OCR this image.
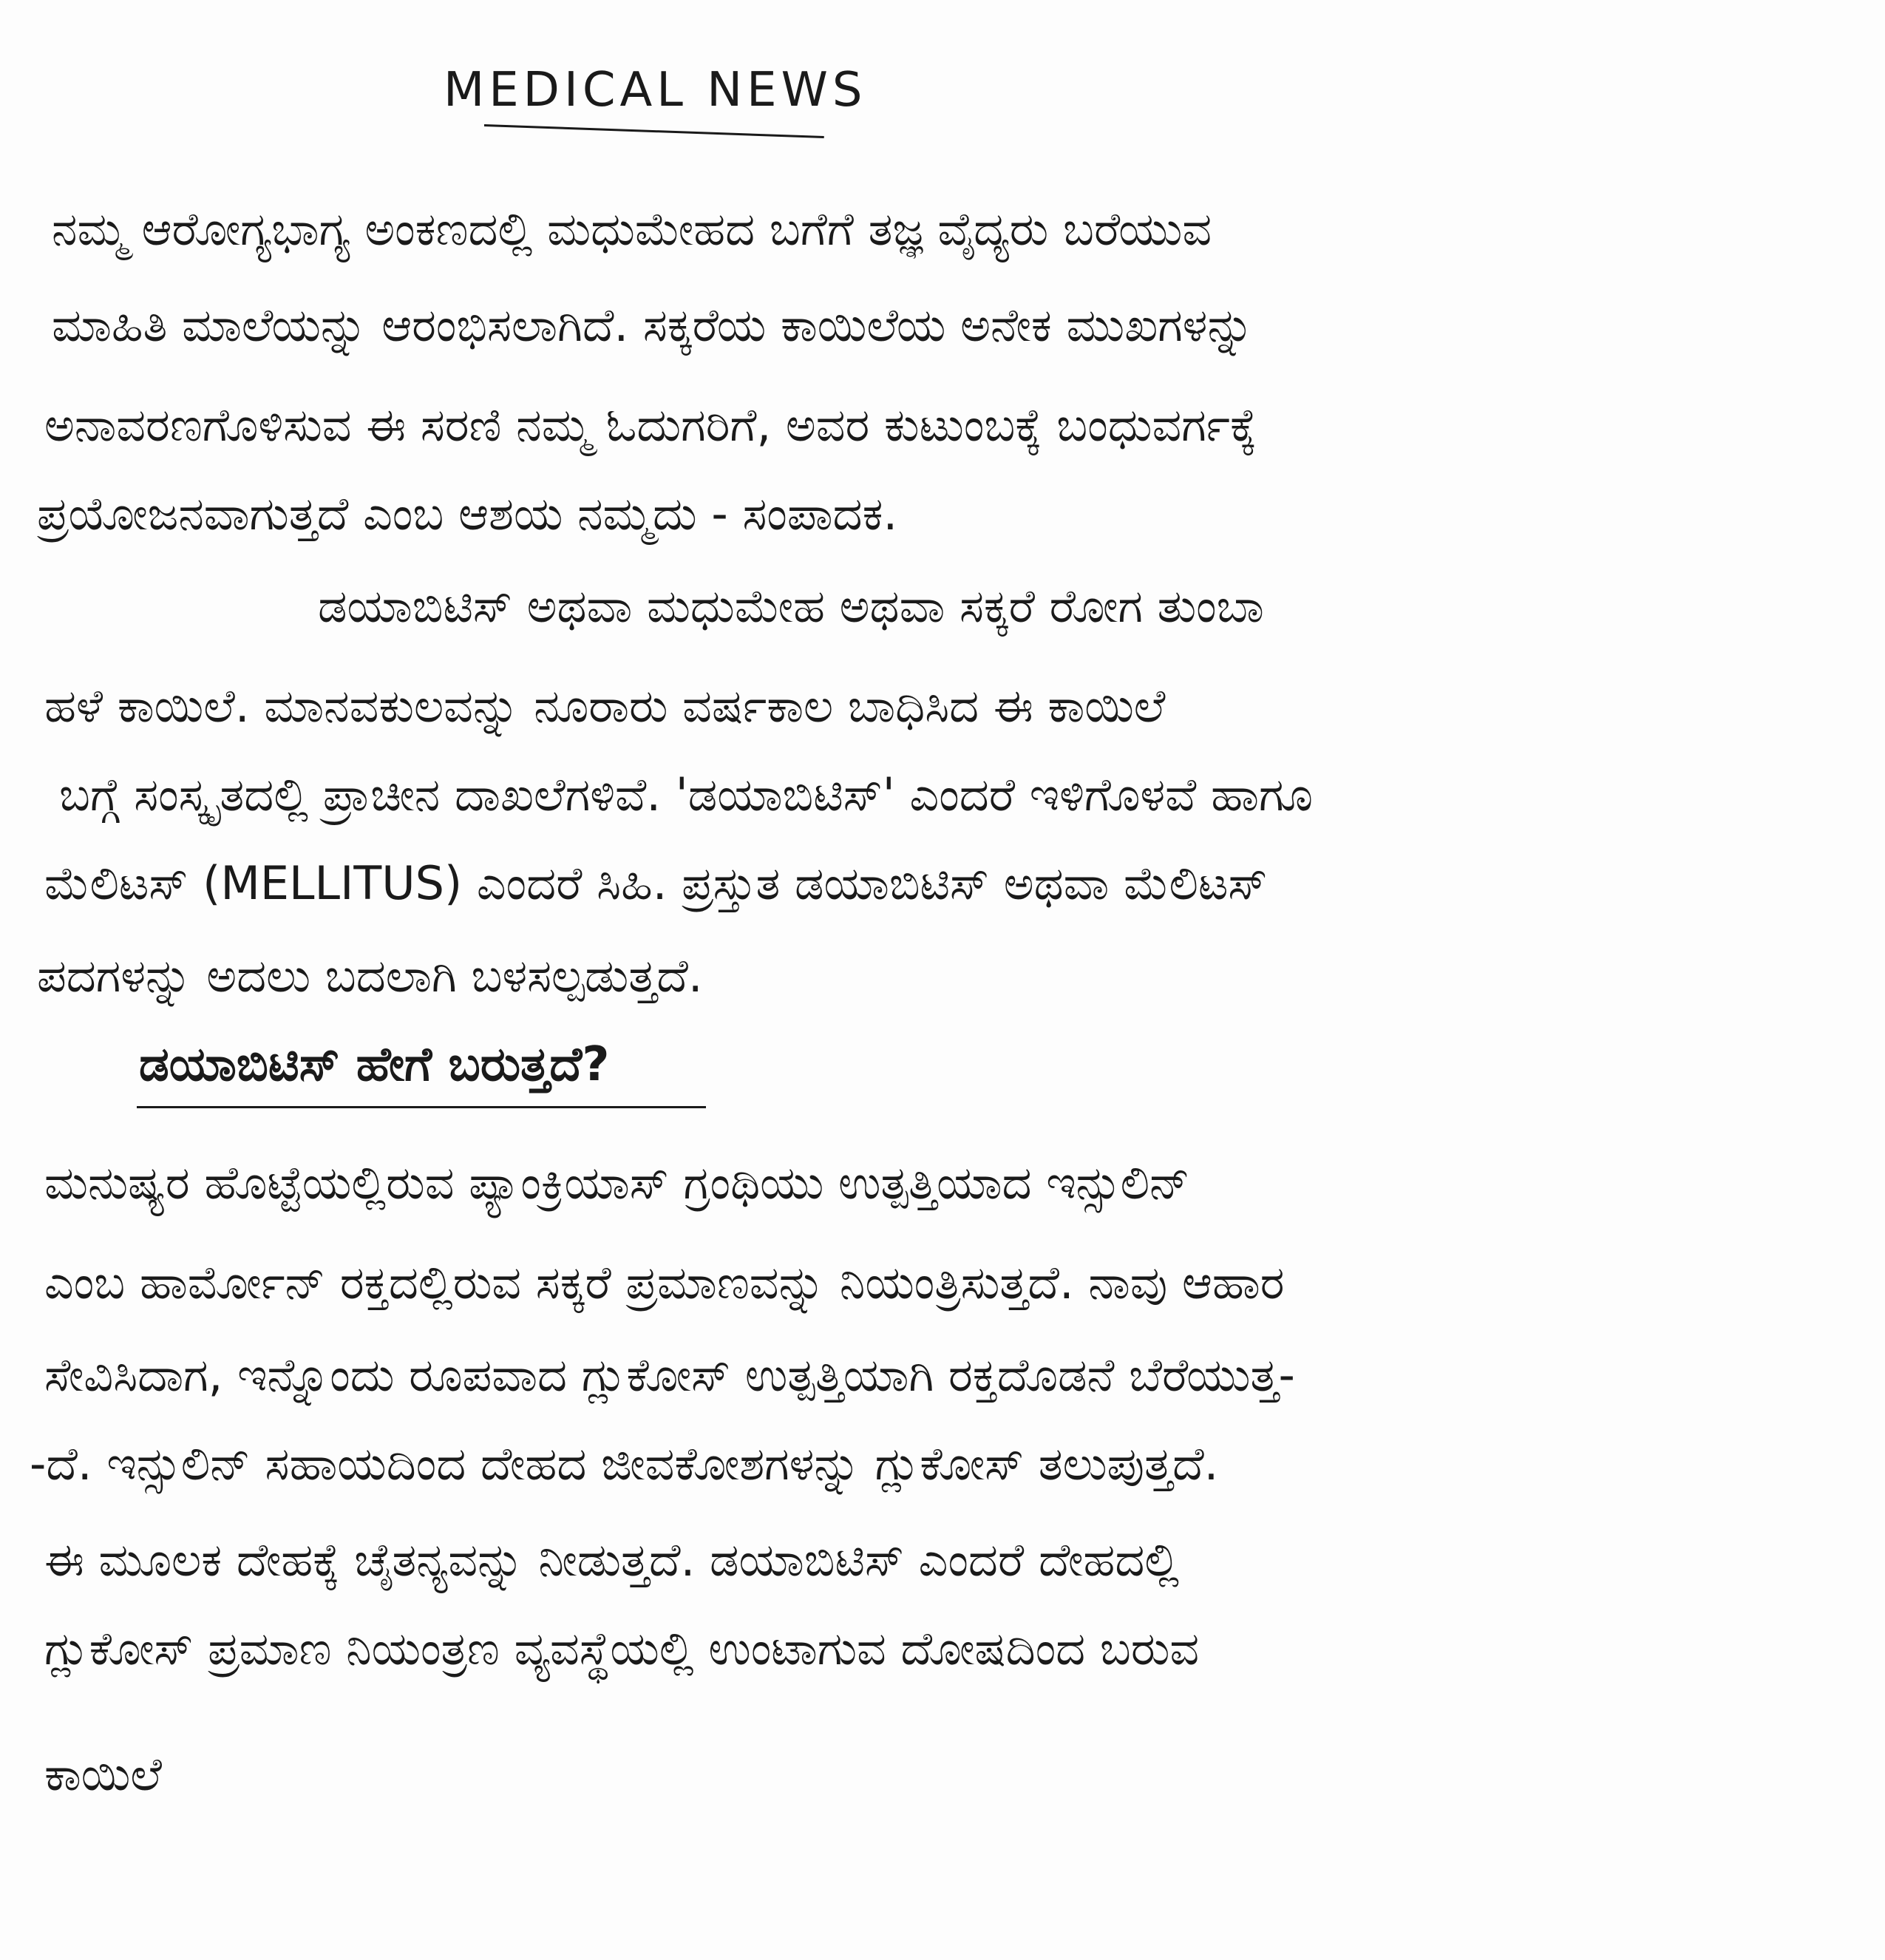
MEDICAL NEWS

ನಮ್ಮ ಆರೋಗ್ಯಭಾಗ್ಯ ಅಂಕಣದಲ್ಲಿ ಮಧುಮೇಹದ ಬಗೆಗೆ ತಜ್ಞ ವೈದ್ಯರು ಬರೆಯುವ

ಮಾಹಿತಿ ಮಾಲೆಯನ್ನು ಆರಂಭಿಸಲಾಗಿದೆ. ಸಕ್ಕರೆಯ ಕಾಯಿಲೆಯ ಅನೇಕ ಮುಖಗಳನ್ನು

ಅನಾವರಣಗೊಳಿಸುವ ಈ ಸರಣಿ ನಮ್ಮ ಓದುಗರಿಗೆ, ಅವರ ಕುಟುಂಬಕ್ಕೆ ಬಂಧುವರ್ಗಕ್ಕೆ

ಪ್ರಯೋಜನವಾಗುತ್ತದೆ ಎಂಬ ಆಶಯ ನಮ್ಮದು - ಸಂಪಾದಕ.

ಡಯಾಬಿಟಿಸ್ ಅಥವಾ ಮಧುಮೇಹ ಅಥವಾ ಸಕ್ಕರೆ ರೋಗ ತುಂಬಾ

ಹಳೆ ಕಾಯಿಲೆ. ಮಾನವಕುಲವನ್ನು ನೂರಾರು ವರ್ಷಕಾಲ ಬಾಧಿಸಿದ ಈ ಕಾಯಿಲೆ

ಬಗ್ಗೆ ಸಂಸ್ಕೃತದಲ್ಲಿ ಪ್ರಾಚೀನ ದಾಖಲೆಗಳಿವೆ. 'ಡಯಾಬಿಟಿಸ್' ಎಂದರೆ ಇಳಿಗೊಳವೆ ಹಾಗೂ

ಮೆಲಿಟಸ್ (MELLITUS) ಎಂದರೆ ಸಿಹಿ. ಪ್ರಸ್ತುತ ಡಯಾಬಿಟಿಸ್ ಅಥವಾ ಮೆಲಿಟಸ್

ಪದಗಳನ್ನು ಅದಲು ಬದಲಾಗಿ ಬಳಸಲ್ಪಡುತ್ತದೆ.

ಡಯಾಬಿಟಿಸ್ ಹೇಗೆ ಬರುತ್ತದೆ?

ಮನುಷ್ಯರ ಹೊಟ್ಟೆಯಲ್ಲಿರುವ ಪ್ಯಾಂಕ್ರಿಯಾಸ್ ಗ್ರಂಥಿಯು ಉತ್ಪತ್ತಿಯಾದ ಇನ್ಸುಲಿನ್

ಎಂಬ ಹಾರ್ಮೋನ್ ರಕ್ತದಲ್ಲಿರುವ ಸಕ್ಕರೆ ಪ್ರಮಾಣವನ್ನು ನಿಯಂತ್ರಿಸುತ್ತದೆ. ನಾವು ಆಹಾರ

ಸೇವಿಸಿದಾಗ, ಇನ್ನೊಂದು ರೂಪವಾದ ಗ್ಲುಕೋಸ್ ಉತ್ಪತ್ತಿಯಾಗಿ ರಕ್ತದೊಡನೆ ಬೆರೆಯುತ್ತ-

-ದೆ. ಇನ್ಸುಲಿನ್ ಸಹಾಯದಿಂದ ದೇಹದ ಜೀವಕೋಶಗಳನ್ನು ಗ್ಲುಕೋಸ್ ತಲುಪುತ್ತದೆ.

ಈ ಮೂಲಕ ದೇಹಕ್ಕೆ ಚೈತನ್ಯವನ್ನು ನೀಡುತ್ತದೆ. ಡಯಾಬಿಟಿಸ್ ಎಂದರೆ ದೇಹದಲ್ಲಿ

ಗ್ಲುಕೋಸ್ ಪ್ರಮಾಣ ನಿಯಂತ್ರಣ ವ್ಯವಸ್ಥೆಯಲ್ಲಿ ಉಂಟಾಗುವ ದೋಷದಿಂದ ಬರುವ

ಕಾಯಿಲೆ
